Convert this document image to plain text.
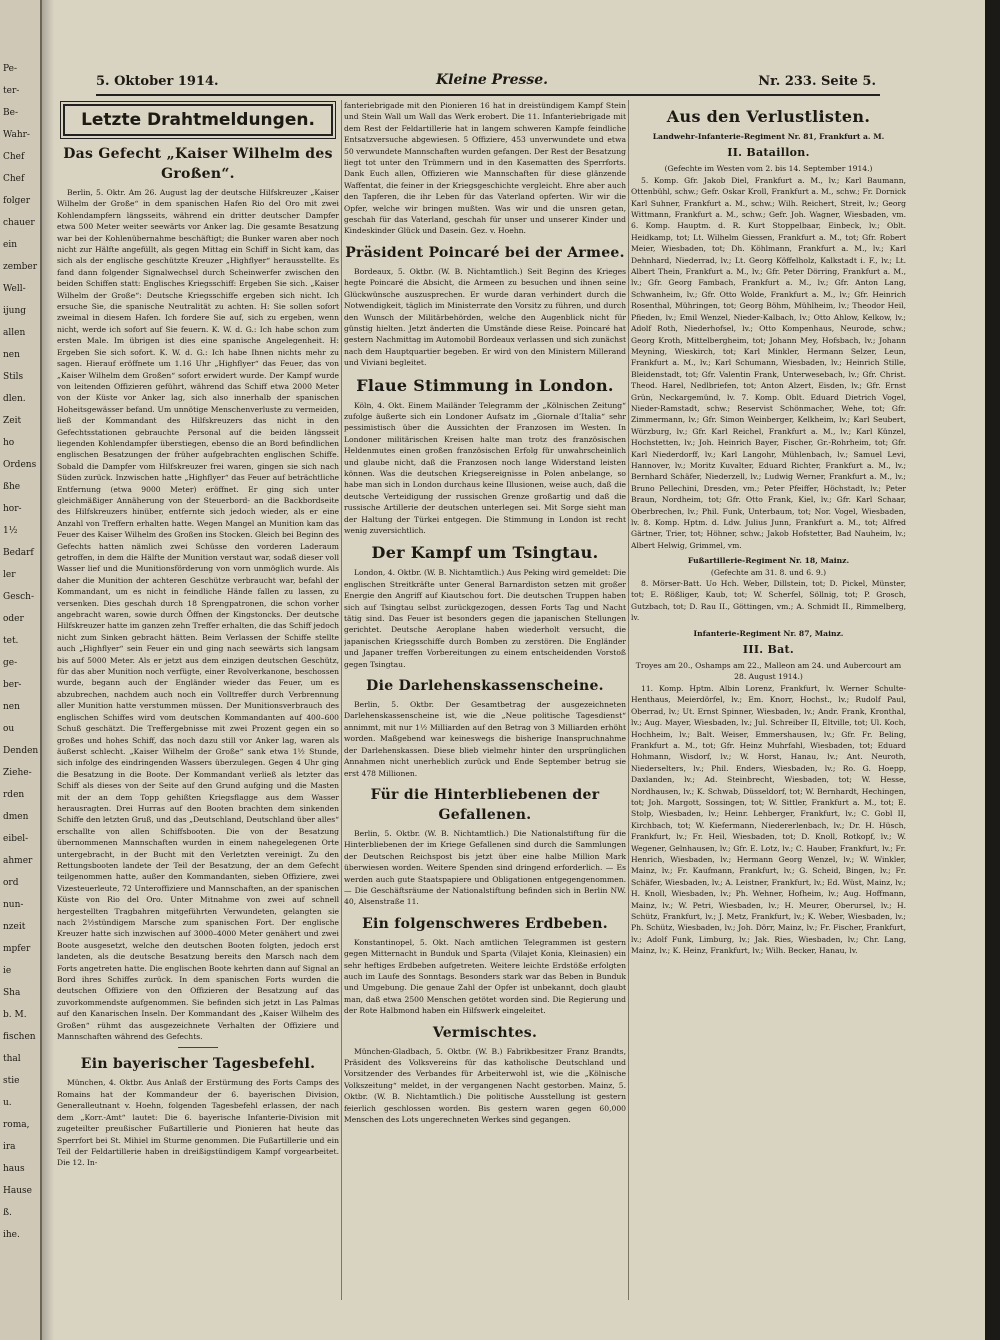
Pe-
ter-
Be-
Wahr-
Chef
Chef
folger
chauer
ein
zember
Well-
ijung
allen
nen
Stils
dlen.
Zeit
ho
Ordens
ßhe
hor-
1½
Bedarf
ler
Gesch-
oder
tet.
ge-
ber-
nen
ou
Denden
Ziehe-
rden
dmen
eibel-
ahmer
ord
nun-
nzeit
mpfer
ie
Sha
b. M.
fischen
thal
stie
u.
roma,
ira
haus
Hause
ß.
ihe.
5. Oktober 1914.	Kleine Presse.	Nr. 233. Seite 5.
Letzte Drahtmeldungen.
Das Gefecht „Kaiser Wilhelm des Großen“.

Berlin, 5. Oktr. Am 26. August lag der deutsche Hilfskreuzer „Kaiser Wilhelm der Große“ in dem spanischen Hafen Rio del Oro mit zwei Kohlendampfern längsseits, während ein dritter deutscher Dampfer etwa 500 Meter weiter seewärts vor Anker lag. Die gesamte Besatzung war bei der Kohlenübernahme beschäftigt; die Bunker waren aber noch nicht zur Hälfte angefüllt, als gegen Mittag ein Schiff in Sicht kam, das sich als der englische geschützte Kreuzer „Highflyer“ herausstellte. Es fand dann folgender Signalwechsel durch Scheinwerfer zwischen den beiden Schiffen statt: Englisches Kriegsschiff: Ergeben Sie sich. „Kaiser Wilhelm der Große“: Deutsche Kriegsschiffe ergeben sich nicht. Ich ersuche Sie, die spanische Neutralität zu achten. H: Sie sollen sofort zweimal in diesem Hafen. Ich fordere Sie auf, sich zu ergeben, wenn nicht, werde ich sofort auf Sie feuern. K. W. d. G.: Ich habe schon zum ersten Male. Im übrigen ist dies eine spanische Angelegenheit. H: Ergeben Sie sich sofort. K. W. d. G.: Ich habe Ihnen nichts mehr zu sagen. Hierauf eröffnete um 1.16 Uhr „Highflyer“ das Feuer, das von „Kaiser Wilhelm dem Großen“ sofort erwidert wurde. Der Kampf wurde von leitenden Offizieren geführt, während das Schiff etwa 2000 Meter von der Küste vor Anker lag, sich also innerhalb der spanischen Hoheitsgewässer befand. Um unnötige Menschenverluste zu vermeiden, ließ der Kommandant des Hilfskreuzers das nicht in den Gefechtsstationen gebrauchte Personal auf die beiden längsseit liegenden Kohlendampfer überstiegen, ebenso die an Bord befindlichen englischen Besatzungen der früher aufgebrachten englischen Schiffe. Sobald die Dampfer vom Hilfskreuzer frei waren, gingen sie sich nach Süden zurück. Inzwischen hatte „Highflyer“ das Feuer auf beträchtliche Entfernung (etwa 9000 Meter) eröffnet. Er ging sich unter gleichmäßiger Annäherung von der Steuerbord- an die Backbordseite des Hilfskreuzers hinüber, entfernte sich jedoch wieder, als er eine Anzahl von Treffern erhalten hatte. Wegen Mangel an Munition kam das Feuer des Kaiser Wilhelm des Großen ins Stocken. Gleich bei Beginn des Gefechts hatten nämlich zwei Schüsse den vorderen Laderaum getroffen, in dem die Hälfte der Munition verstaut war, sodaß dieser voll Wasser lief und die Munitionsförderung von vorn unmöglich wurde. Als daher die Munition der achteren Geschütze verbraucht war, befahl der Kommandant, um es nicht in feindliche Hände fallen zu lassen, zu versenken. Dies geschah durch 18 Sprengpatronen, die schon vorher angebracht waren, sowie durch Öffnen der Kingstoncks. Der deutsche Hilfskreuzer hatte im ganzen zehn Treffer erhalten, die das Schiff jedoch nicht zum Sinken gebracht hätten. Beim Verlassen der Schiffe stellte auch „Highflyer“ sein Feuer ein und ging nach seewärts sich langsam bis auf 5000 Meter. Als er jetzt aus dem einzigen deutschen Geschütz, für das aber Munition noch verfügte, einer Revolverkanone, beschossen wurde, begann auch der Engländer wieder das Feuer, um es abzubrechen, nachdem auch noch ein Volltreffer durch Verbrennung aller Munition hatte verstummen müssen. Der Munitionsverbrauch des englischen Schiffes wird vom deutschen Kommandanten auf 400–600 Schuß geschätzt. Die Treffergebnisse mit zwei Prozent gegen ein so großes und hohes Schiff, das noch dazu still vor Anker lag, waren als äußerst schlecht. „Kaiser Wilhelm der Große“ sank etwa 1½ Stunde, sich infolge des eindringenden Wassers überzulegen. Gegen 4 Uhr ging die Besatzung in die Boote. Der Kommandant verließ als letzter das Schiff als dieses von der Seite auf den Grund aufging und die Masten mit der an dem Topp gehißten Kriegsflagge aus dem Wasser herausragten. Drei Hurras auf den Booten brachten dem sinkenden Schiffe den letzten Gruß, und das „Deutschland, Deutschland über alles“ erschallte von allen Schiffsbooten. Die von der Besatzung übernommenen Mannschaften wurden in einem nahegelegenen Orte untergebracht, in der Bucht mit den Verletzten vereinigt. Zu den Rettungsbooten landete der Teil der Besatzung, der an dem Gefecht teilgenommen hatte, außer den Kommandanten, sieben Offiziere, zwei Vizesteuerleute, 72 Unteroffiziere und Mannschaften, an der spanischen Küste von Rio del Oro. Unter Mitnahme von zwei auf schnell hergestellten Tragbahren mitgeführten Verwundeten, gelangten sie nach 2½stündigem Marsche zum spanischen Fort. Der englische Kreuzer hatte sich inzwischen auf 3000–4000 Meter genähert und zwei Boote ausgesetzt, welche den deutschen Booten folgten, jedoch erst landeten, als die deutsche Besatzung bereits den Marsch nach dem Forts angetreten hatte. Die englischen Boote kehrten dann auf Signal an Bord ihres Schiffes zurück. In dem spanischen Forts wurden die deutschen Offiziere von den Offizieren der Besatzung auf das zuvorkommendste aufgenommen. Sie befinden sich jetzt in Las Palmas auf den Kanarischen Inseln. Der Kommandant des „Kaiser Wilhelm des Großen“ rühmt das ausgezeichnete Verhalten der Offiziere und Mannschaften während des Gefechts.

Ein bayerischer Tagesbefehl.

München, 4. Oktbr. Aus Anlaß der Erstürmung des Forts Camps des Romains hat der Kommandeur der 6. bayerischen Division, Generalleutnant v. Hoehn, folgenden Tagesbefehl erlassen, der nach dem „Korr.-Amt“ lautet: Die 6. bayerische Infanterie-Division mit zugeteilter preußischer Fußartillerie und Pionieren hat heute das Sperrfort bei St. Mihiel im Sturme genommen. Die Fußartillerie und ein Teil der Feldartillerie haben in dreißigstündigem Kampf vorgearbeitet. Die 12. In-

fanteriebrigade mit den Pionieren 16 hat in dreistündigem Kampf Stein und Stein Wall um Wall das Werk erobert. Die 11. Infanteriebrigade mit dem Rest der Feldartillerie hat in langem schweren Kampfe feindliche Entsatzversuche abgewiesen. 5 Offiziere, 453 unverwundete und etwa 50 verwundete Mannschaften wurden gefangen. Der Rest der Besatzung liegt tot unter den Trümmern und in den Kasematten des Sperrforts. Dank Euch allen, Offizieren wie Mannschaften für diese glänzende Waffentat, die feiner in der Kriegsgeschichte vergleicht. Ehre aber auch den Tapferen, die ihr Leben für das Vaterland opferten. Wir wir die Opfer, welche wir bringen mußten. Was wir und die unsren getan, geschah für das Vaterland, geschah für unser und unserer Kinder und Kindeskinder Glück und Dasein. Gez. v. Hoehn.

Präsident Poincaré bei der Armee.

Bordeaux, 5. Oktbr. (W. B. Nichtamtlich.) Seit Beginn des Krieges hegte Poincaré die Absicht, die Armeen zu besuchen und ihnen seine Glückwünsche auszusprechen. Er wurde daran verhindert durch die Notwendigkeit, täglich im Ministerrate den Vorsitz zu führen, und durch den Wunsch der Militärbehörden, welche den Augenblick nicht für günstig hielten. Jetzt änderten die Umstände diese Reise. Poincaré hat gestern Nachmittag im Automobil Bordeaux verlassen und sich zunächst nach dem Hauptquartier begeben. Er wird von den Ministern Millerand und Viviani begleitet.

Flaue Stimmung in London.

Köln, 4. Okt. Einem Mailänder Telegramm der „Kölnischen Zeitung“ zufolge äußerte sich ein Londoner Aufsatz im „Giornale d’Italia“ sehr pessimistisch über die Aussichten der Franzosen im Westen. In Londoner militärischen Kreisen halte man trotz des französischen Heldenmutes einen großen französischen Erfolg für unwahrscheinlich und glaube nicht, daß die Franzosen noch lange Widerstand leisten können. Was die deutschen Kriegsereignisse in Polen anbelange, so habe man sich in London durchaus keine Illusionen, weise auch, daß die deutsche Verteidigung der russischen Grenze großartig und daß die russische Artillerie der deutschen unterlegen sei. Mit Sorge sieht man der Haltung der Türkei entgegen. Die Stimmung in London ist recht wenig zuversichtlich.

Der Kampf um Tsingtau.

London, 4. Oktbr. (W. B. Nichtamtlich.) Aus Peking wird gemeldet: Die englischen Streitkräfte unter General Barnardiston setzen mit großer Energie den Angriff auf Kiautschou fort. Die deutschen Truppen haben sich auf Tsingtau selbst zurückgezogen, dessen Forts Tag und Nacht tätig sind. Das Feuer ist besonders gegen die japanischen Stellungen gerichtet. Deutsche Aeroplane haben wiederholt versucht, die japanischen Kriegsschiffe durch Bomben zu zerstören. Die Engländer und Japaner treffen Vorbereitungen zu einem entscheidenden Vorstoß gegen Tsingtau.

Die Darlehenskassenscheine.

Berlin, 5. Oktbr. Der Gesamtbetrag der ausgezeichneten Darlehenskassenscheine ist, wie die „Neue politische Tagesdienst“ annimmt, mit nur 1½ Milliarden auf den Betrag von 3 Milliarden erhöht worden. Maßgebend war keineswegs die bisherige Inanspruchnahme der Darlehenskassen. Diese blieb vielmehr hinter den ursprünglichen Annahmen nicht unerheblich zurück und Ende September betrug sie erst 478 Millionen.

Für die Hinterbliebenen der Gefallenen.

Berlin, 5. Oktbr. (W. B. Nichtamtlich.) Die Nationalstiftung für die Hinterbliebenen der im Kriege Gefallenen sind durch die Sammlungen der Deutschen Reichspost bis jetzt über eine halbe Million Mark überwiesen worden. Weitere Spenden sind dringend erforderlich. — Es werden auch gute Staatspapiere und Obligationen entgegengenommen. — Die Geschäftsräume der Nationalstiftung befinden sich in Berlin NW. 40, Alsenstraße 11.

Ein folgenschweres Erdbeben.

Konstantinopel, 5. Okt. Nach amtlichen Telegrammen ist gestern gegen Mitternacht in Bunduk und Sparta (Vilajet Konia, Kleinasien) ein sehr heftiges Erdbeben aufgetreten. Weitere leichte Erdstöße erfolgten auch im Laufe des Sonntags. Besonders stark war das Beben in Bunduk und Umgebung. Die genaue Zahl der Opfer ist unbekannt, doch glaubt man, daß etwa 2500 Menschen getötet worden sind. Die Regierung und der Rote Halbmond haben ein Hilfswerk eingeleitet.

Vermischtes.

München-Gladbach, 5. Oktbr. (W. B.) Fabrikbesitzer Franz Brandts, Präsident des Volksvereins für das katholische Deutschland und Vorsitzender des Verbandes für Arbeiterwohl ist, wie die „Kölnische Volkszeitung“ meldet, in der vergangenen Nacht gestorben. Mainz, 5. Oktbr. (W. B. Nichtamtlich.) Die politische Ausstellung ist gestern feierlich geschlossen worden. Bis gestern waren gegen 60,000 Menschen des Lots ungerechneten Werkes sind gegangen.

Aus den Verlustlisten.

Landwehr-Infanterie-Regiment Nr. 81, Frankfurt a. M.

II. Bataillon.

(Gefechte im Westen vom 2. bis 14. September 1914.)

5. Komp. Gfr. Jakob Diel, Frankfurt a. M., lv.; Karl Baumann, Ottenbühl, schw.; Gefr. Oskar Kroll, Frankfurt a. M., schw.; Fr. Dornick Karl Suhner, Frankfurt a. M., schw.; Wilh. Reichert, Streit, lv.; Georg Wittmann, Frankfurt a. M., schw.; Gefr. Joh. Wagner, Wiesbaden, vm. 6. Komp. Hauptm. d. R. Kurt Stoppelbaar, Einbeck, lv.; Oblt. Heidkamp, tot; Lt. Wilhelm Giessen, Frankfurt a. M., tot; Gfr. Robert Meier, Wiesbaden, tot; Dh. Köhlmann, Frankfurt a. M., lv.; Karl Dehnhard, Niederrad, lv.; Lt. Georg Köffelholz, Kalkstadt i. F., lv.; Lt. Albert Thein, Frankfurt a. M., lv.; Gfr. Peter Dörring, Frankfurt a. M., lv.; Gfr. Georg Fambach, Frankfurt a. M., lv.; Gfr. Anton Lang, Schwanheim, lv.; Gfr. Otto Wolde, Frankfurt a. M., lv.; Gfr. Heinrich Rosenthal, Mühringen, tot; Georg Böhm, Mühlheim, lv.; Theodor Heil, Pfieden, lv.; Emil Wenzel, Nieder-Kalbach, lv.; Otto Ahlow, Kelkow, lv.; Adolf Roth, Niederhofsel, lv.; Otto Kompenhaus, Neurode, schw.; Georg Kroth, Mittelbergheim, tot; Johann Mey, Hofsbach, lv.; Johann Meyning, Wieskirch, tot; Karl Minkler, Hermann Selzer, Leun, Frankfurt a. M., lv.; Karl Schumann, Wiesbaden, lv.; Heinrich Stille, Bleidenstadt, tot; Gfr. Valentin Frank, Unterwesebach, lv.; Gfr. Christ. Theod. Harel, Nedlbriefen, tot; Anton Alzert, Eisden, lv.; Gfr. Ernst Grün, Neckargemünd, lv. 7. Komp. Oblt. Eduard Dietrich Vogel, Nieder-Ramstadt, schw.; Reservist Schönmacher, Wehe, tot; Gfr. Zimmermann, lv.; Gfr. Simon Weinberger, Kelkheim, lv.; Karl Seubert, Würzburg, lv.; Gfr. Karl Reichel, Frankfurt a. M., lv.; Karl Künzel, Hochstetten, lv.; Joh. Heinrich Bayer, Fischer, Gr.-Rohrheim, tot; Gfr. Karl Niederdorff, lv.; Karl Langohr, Mühlenbach, lv.; Samuel Levi, Hannover, lv.; Moritz Kuvalter, Eduard Richter, Frankfurt a. M., lv.; Bernhard Schäfer, Niederzell, lv.; Ludwig Werner, Frankfurt a. M., lv.; Bruno Pellechini, Dresden, vm.; Peter Pfeiffer, Höchstadt, lv.; Peter Braun, Nordheim, tot; Gfr. Otto Frank, Kiel, lv.; Gfr. Karl Schaar, Oberbrechen, lv.; Phil. Funk, Unterbaum, tot; Nor. Vogel, Wiesbaden, lv. 8. Komp. Hptm. d. Ldw. Julius Junn, Frankfurt a. M., tot; Alfred Gärtner, Trier, tot; Höhner, schw.; Jakob Hofstetter, Bad Nauheim, lv.; Albert Helwig, Grimmel, vm.

Fußartillerie-Regiment Nr. 18, Mainz.

(Gefechte am 31. 8. und 6. 9.)

8. Mörser-Batt. Uo Hch. Weber, Dillstein, tot; D. Pickel, Münster, tot; E. Rößliger, Kaub, tot; W. Scherfel, Söllnig, tot; P. Grosch, Gutzbach, tot; D. Rau II., Göttingen, vm.; A. Schmidt II., Rimmelberg, lv.

Infanterie-Regiment Nr. 87, Mainz.

III. Bat.

Troyes am 20., Oshamps am 22., Malleon am 24. und Aubercourt am 28. August 1914.)

11. Komp. Hptm. Albin Lorenz, Frankfurt, lv. Werner Schulte-Henthaus, Meierdörfel, lv.; Em. Knorr, Hochst., lv.; Rudolf Paul, Oberrad, lv.; Ut. Ernst Spinner, Wiesbaden, lv.; Andr. Frank, Kronthal, lv.; Aug. Mayer, Wiesbaden, lv.; Jul. Schreiber II, Eltville, tot; Ul. Koch, Hochheim, lv.; Balt. Weiser, Emmershausen, lv.; Gfr. Fr. Beling, Frankfurt a. M., tot; Gfr. Heinz Muhrfahl, Wiesbaden, tot; Eduard Hohmann, Wisdorf, lv.; W. Horst, Hanau, lv.; Ant. Neuroth, Niederselters, lv.; Phil. Enders, Wiesbaden, lv.; Ro. G. Hoepp, Daxlanden, lv.; Ad. Steinbrecht, Wiesbaden, tot; W. Hesse, Nordhausen, lv.; K. Schwab, Düsseldorf, tot; W. Bernhardt, Hechingen, tot; Joh. Margott, Sossingen, tot; W. Sittler, Frankfurt a. M., tot; E. Stolp, Wiesbaden, lv.; Heinr. Lehberger, Frankfurt, lv.; C. Gobl II, Kirchbach, tot; W. Kiefermann, Niedererlenbach, lv.; Dr. H. Hüsch, Frankfurt, lv.; Fr. Heil, Wiesbaden, tot; D. Knoll, Rotkopf, lv.; W. Wegener, Gelnhausen, lv.; Gfr. E. Lotz, lv.; C. Hauber, Frankfurt, lv.; Fr. Henrich, Wiesbaden, lv.; Hermann Georg Wenzel, lv.; W. Winkler, Mainz, lv.; Fr. Kaufmann, Frankfurt, lv.; G. Scheid, Bingen, lv.; Fr. Schäfer, Wiesbaden, lv.; A. Leistner, Frankfurt, lv.; Ed. Wüst, Mainz, lv.; H. Knoll, Wiesbaden, lv.; Ph. Wehner, Hofheim, lv.; Aug. Hoffmann, Mainz, lv.; W. Petri, Wiesbaden, lv.; H. Meurer, Oberursel, lv.; H. Schütz, Frankfurt, lv.; J. Metz, Frankfurt, lv.; K. Weber, Wiesbaden, lv.; Ph. Schütz, Wiesbaden, lv.; Joh. Dörr, Mainz, lv.; Fr. Fischer, Frankfurt, lv.; Adolf Funk, Limburg, lv.; Jak. Ries, Wiesbaden, lv.; Chr. Lang, Mainz, lv.; K. Heinz, Frankfurt, lv.; Wilh. Becker, Hanau, lv.
